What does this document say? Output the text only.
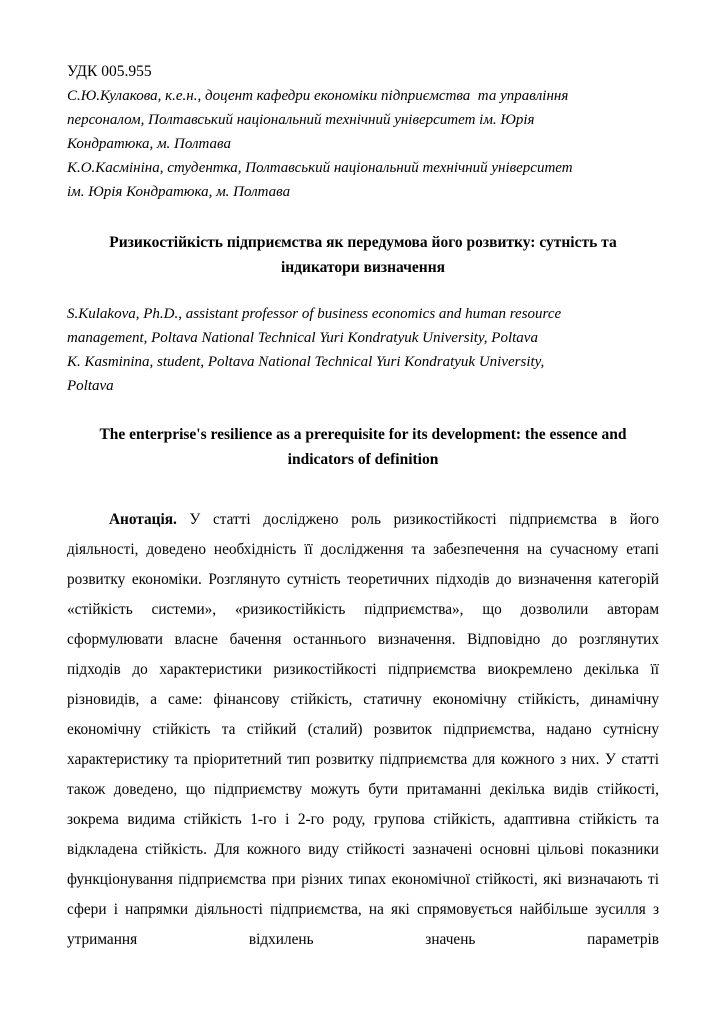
УДК 005.955
С.Ю.Кулакова, к.е.н., доцент кафедри економіки підприємства  та управління
персоналом, Полтавський національний технічний університет ім. Юрія
Кондратюка, м. Полтава
К.О.Касмініна, студентка, Полтавський національний технічний університет
ім. Юрія Кондратюка, м. Полтава
Ризикостійкість підприємства як передумова його розвитку: сутність та індикатори визначення
S.Kulakova, Ph.D., assistant professor of business economics and human resource
management, Poltava National Technical Yuri Kondratyuk University, Poltava
K. Kasminina, student, Poltava National Technical Yuri Kondratyuk University,
Poltava
The enterprise's resilience as a prerequisite for its development: the essence and indicators of definition

Анотація. У статті досліджено роль ризикостійкості підприємства в його діяльності, доведено необхідність її дослідження та забезпечення на сучасному етапі розвитку економіки. Розглянуто сутність теоретичних підходів до визначення категорій «стійкість системи», «ризикостійкість підприємства», що дозволили авторам сформулювати власне бачення останнього визначення. Відповідно до розглянутих підходів до характеристики ризикостійкості підприємства виокремлено декілька її різновидів, а саме: фінансову стійкість, статичну економічну стійкість, динамічну економічну стійкість та стійкий (сталий) розвиток підприємства, надано сутнісну характеристику та пріоритетний тип розвитку підприємства для кожного з них. У статті також доведено, що підприємству можуть бути притаманні декілька видів стійкості, зокрема видима стійкість 1-го і 2-го роду, групова стійкість, адаптивна стійкість та відкладена стійкість. Для кожного виду стійкості зазначені основні цільові показники функціонування підприємства при різних типах економічної стійкості, які визначають ті сфери і напрямки діяльності підприємства, на які спрямовується найбільше зусилля з утримання відхилень значень параметрів
